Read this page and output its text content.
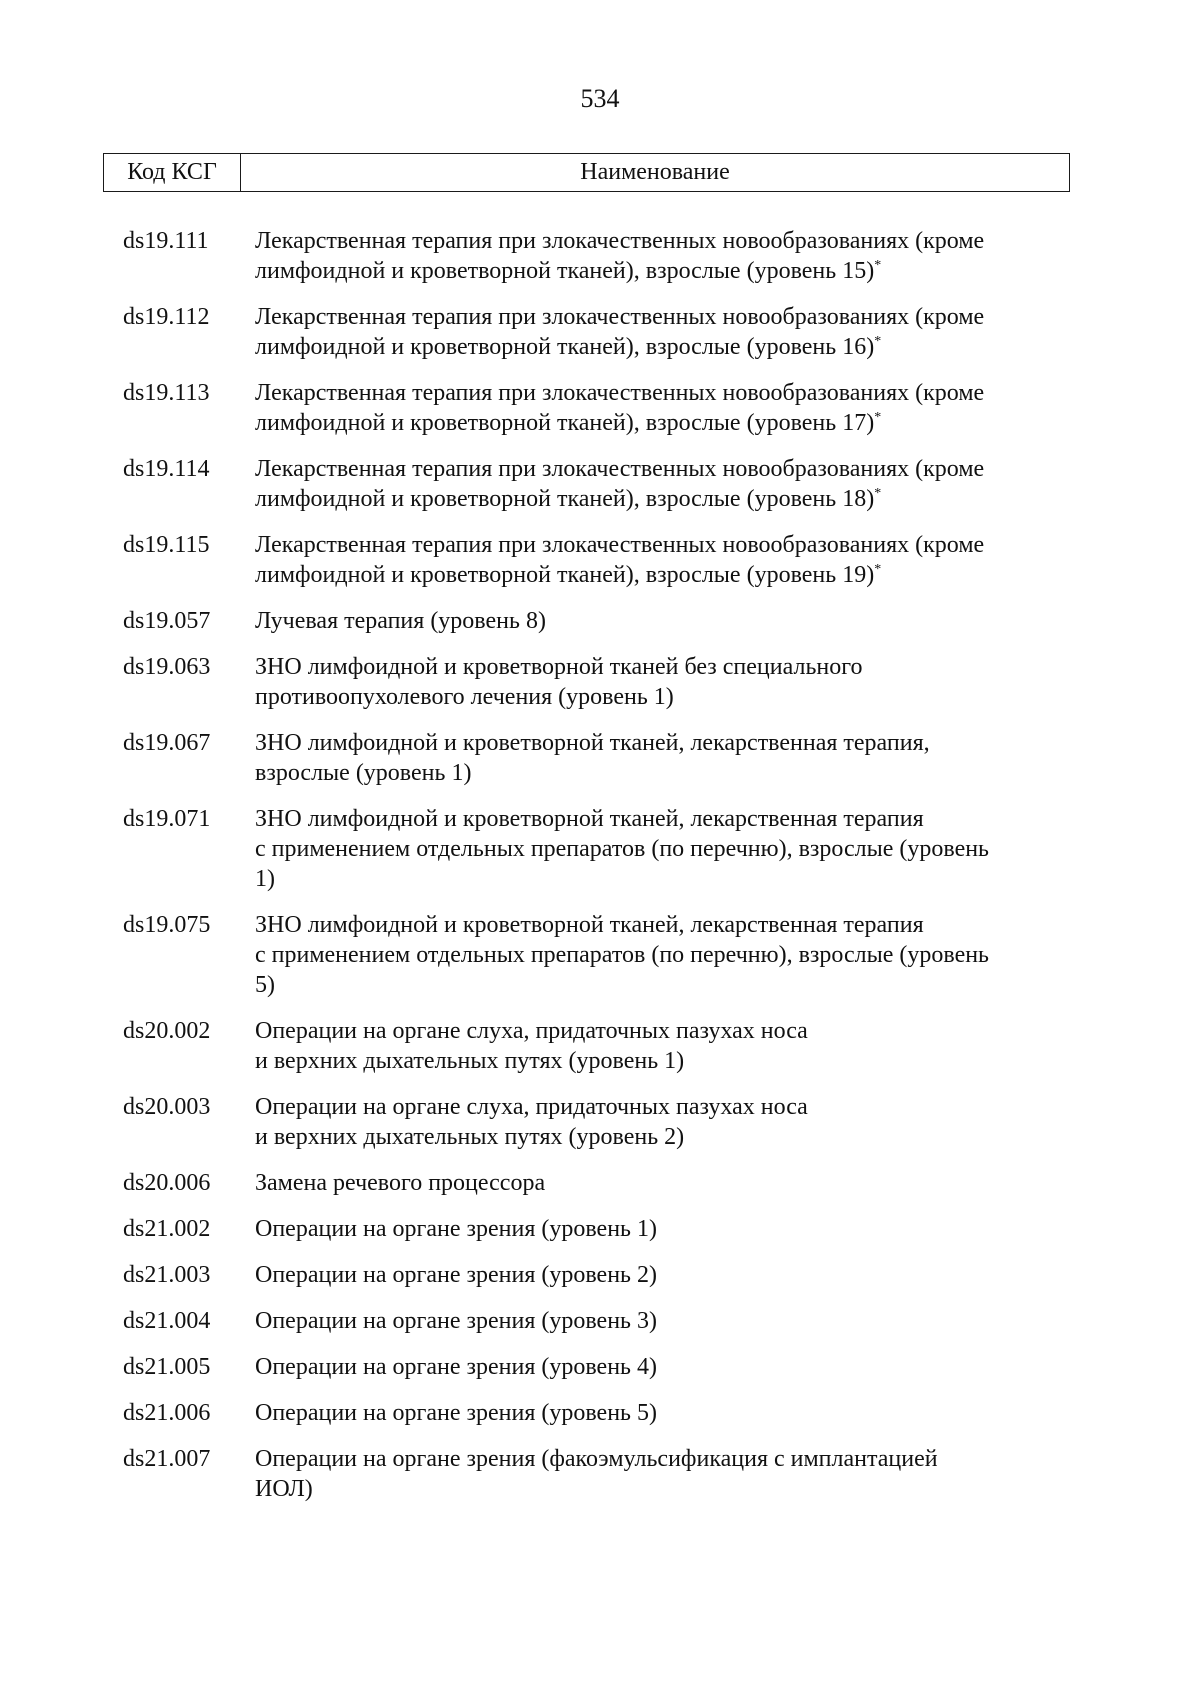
534
Код КСГ	Наименование
ds19.111	Лекарственная терапия при злокачественных новообразованиях (кроме
лимфоидной и кроветворной тканей), взрослые (уровень 15)*
ds19.112	Лекарственная терапия при злокачественных новообразованиях (кроме
лимфоидной и кроветворной тканей), взрослые (уровень 16)*
ds19.113	Лекарственная терапия при злокачественных новообразованиях (кроме
лимфоидной и кроветворной тканей), взрослые (уровень 17)*
ds19.114	Лекарственная терапия при злокачественных новообразованиях (кроме
лимфоидной и кроветворной тканей), взрослые (уровень 18)*
ds19.115	Лекарственная терапия при злокачественных новообразованиях (кроме
лимфоидной и кроветворной тканей), взрослые (уровень 19)*
ds19.057	Лучевая терапия (уровень 8)
ds19.063	ЗНО лимфоидной и кроветворной тканей без специального
противоопухолевого лечения (уровень 1)
ds19.067	ЗНО лимфоидной и кроветворной тканей, лекарственная терапия,
взрослые (уровень 1)
ds19.071	ЗНО лимфоидной и кроветворной тканей, лекарственная терапия
с применением отдельных препаратов (по перечню), взрослые (уровень
1)
ds19.075	ЗНО лимфоидной и кроветворной тканей, лекарственная терапия
с применением отдельных препаратов (по перечню), взрослые (уровень
5)
ds20.002	Операции на органе слуха, придаточных пазухах носа
и верхних дыхательных путях (уровень 1)
ds20.003	Операции на органе слуха, придаточных пазухах носа
и верхних дыхательных путях (уровень 2)
ds20.006	Замена речевого процессора
ds21.002	Операции на органе зрения (уровень 1)
ds21.003	Операции на органе зрения (уровень 2)
ds21.004	Операции на органе зрения (уровень 3)
ds21.005	Операции на органе зрения (уровень 4)
ds21.006	Операции на органе зрения (уровень 5)
ds21.007	Операции на органе зрения (факоэмульсификация с имплантацией
ИОЛ)
